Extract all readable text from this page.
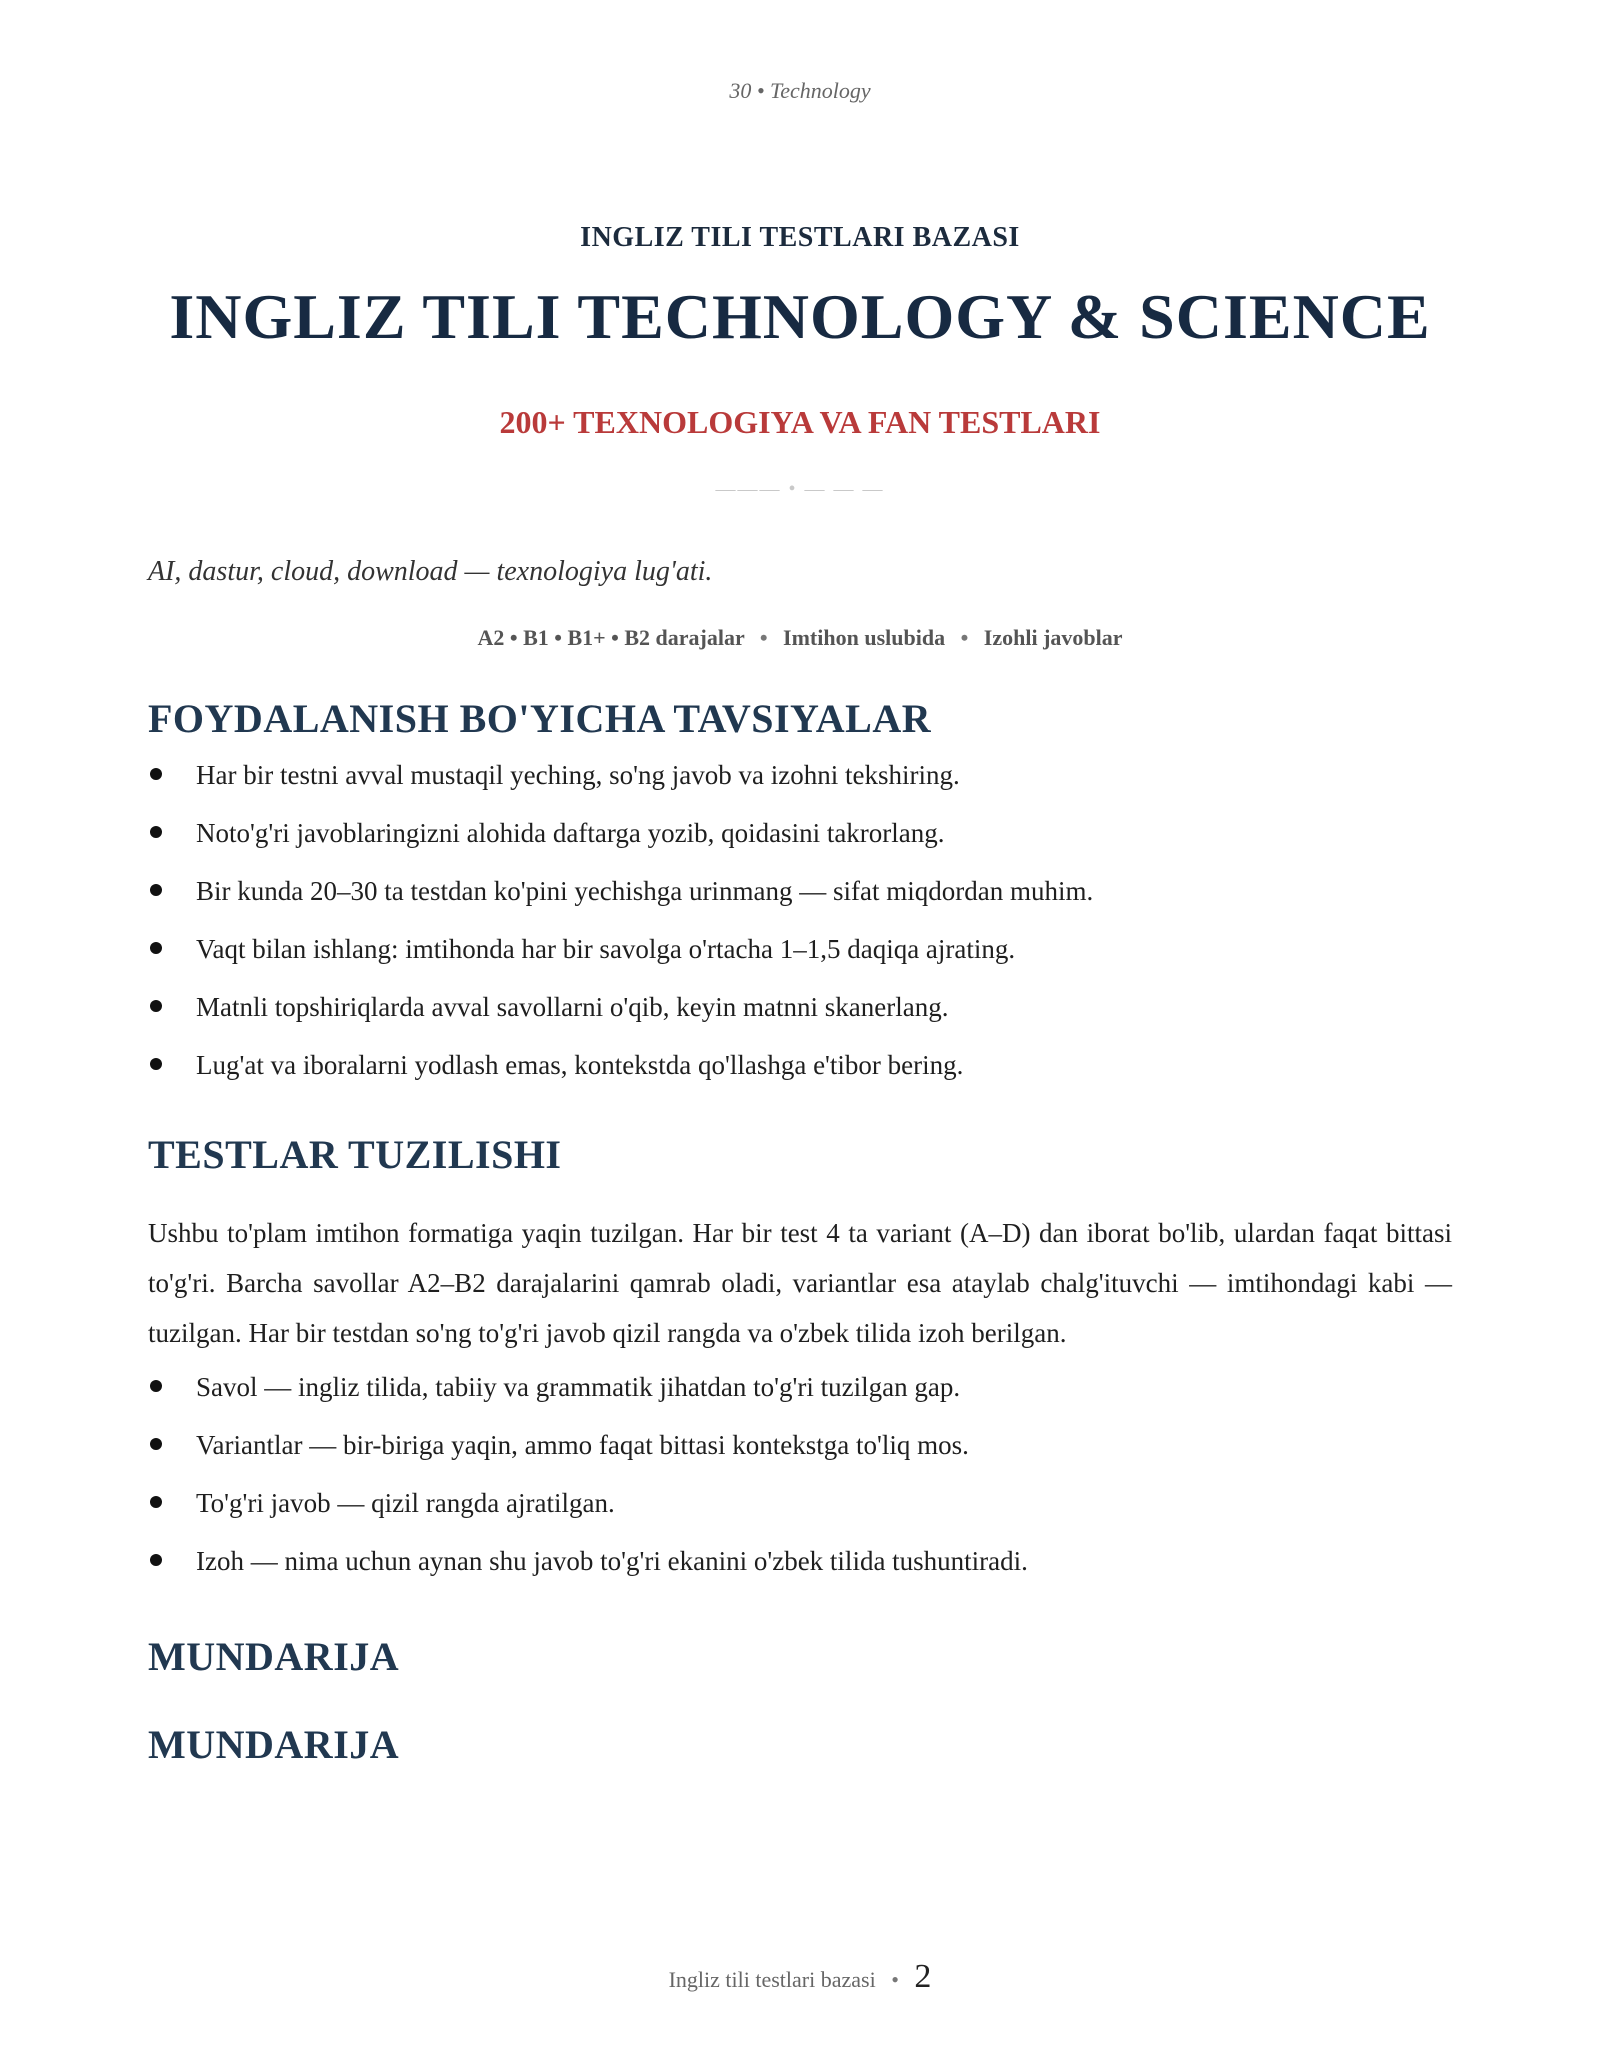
30 • Technology
INGLIZ TILI TESTLARI BAZASI
INGLIZ TILI TECHNOLOGY & SCIENCE
200+ TEXNOLOGIYA VA FAN TESTLARI
——— • — — —

AI, dastur, cloud, download — texnologiya lug'ati.

A2 • B1 • B1+ • B2 darajalar • Imtihon uslubida • Izohli javoblar
FOYDALANISH BO'YICHA TAVSIYALAR
Har bir testni avval mustaqil yeching, so'ng javob va izohni tekshiring.
Noto'g'ri javoblaringizni alohida daftarga yozib, qoidasini takrorlang.
Bir kunda 20–30 ta testdan ko'pini yechishga urinmang — sifat miqdordan muhim.
Vaqt bilan ishlang: imtihonda har bir savolga o'rtacha 1–1,5 daqiqa ajrating.
Matnli topshiriqlarda avval savollarni o'qib, keyin matnni skanerlang.
Lug'at va iboralarni yodlash emas, kontekstda qo'llashga e'tibor bering.
TESTLAR TUZILISHI

Ushbu to'plam imtihon formatiga yaqin tuzilgan. Har bir test 4 ta variant (A–D) dan iborat bo'lib, ulardan faqat bittasi to'g'ri. Barcha savollar A2–B2 darajalarini qamrab oladi, variantlar esa ataylab chalg'ituvchi — imtihondagi kabi — tuzilgan. Har bir testdan so'ng to'g'ri javob qizil rangda va o'zbek tilida izoh berilgan.

Savol — ingliz tilida, tabiiy va grammatik jihatdan to'g'ri tuzilgan gap.
Variantlar — bir-biriga yaqin, ammo faqat bittasi kontekstga to'liq mos.
To'g'ri javob — qizil rangda ajratilgan.
Izoh — nima uchun aynan shu javob to'g'ri ekanini o'zbek tilida tushuntiradi.
MUNDARIJA
MUNDARIJA
Ingliz tili testlari bazasi • 2
